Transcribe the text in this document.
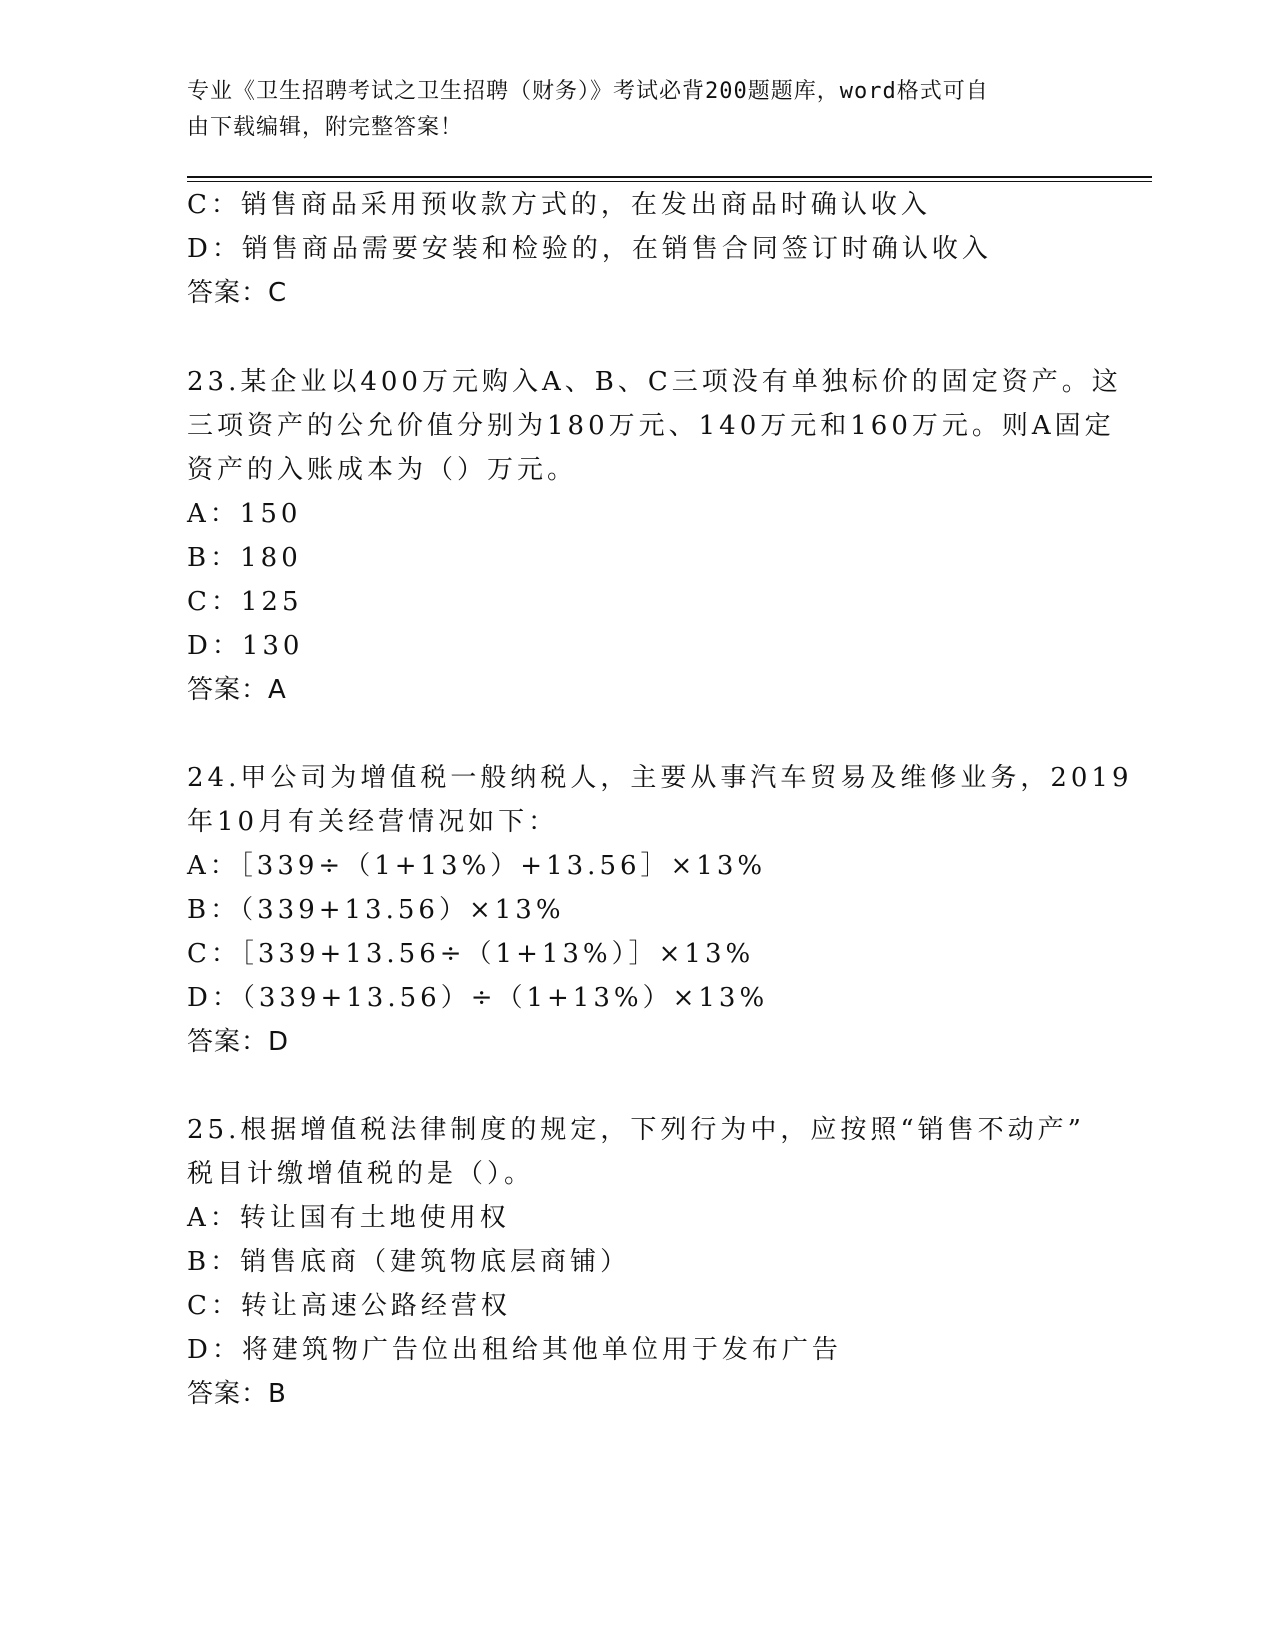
专业《卫生招聘考试之卫生招聘（财务）》考试必背200题题库，word格式可自
由下载编辑，附完整答案！
C：销售商品采用预收款方式的，在发出商品时确认收入
D：销售商品需要安装和检验的，在销售合同签订时确认收入
答案：C
23.某企业以400万元购入A、B、C三项没有单独标价的固定资产。这
三项资产的公允价值分别为180万元、140万元和160万元。则A固定
资产的入账成本为（）万元。
A：150
B：180
C：125
D：130
答案：A
24.甲公司为增值税一般纳税人，主要从事汽车贸易及维修业务，2019
年10月有关经营情况如下：
A：［339÷（1+13%）+13.56］×13%
B：（339+13.56）×13%
C：［339+13.56÷（1+13%）］×13%
D：（339+13.56）÷（1+13%）×13%
答案：D
25.根据增值税法律制度的规定，下列行为中，应按照“销售不动产”
税目计缴增值税的是（）。
A：转让国有土地使用权
B：销售底商（建筑物底层商铺）
C：转让高速公路经营权
D：将建筑物广告位出租给其他单位用于发布广告
答案：B
